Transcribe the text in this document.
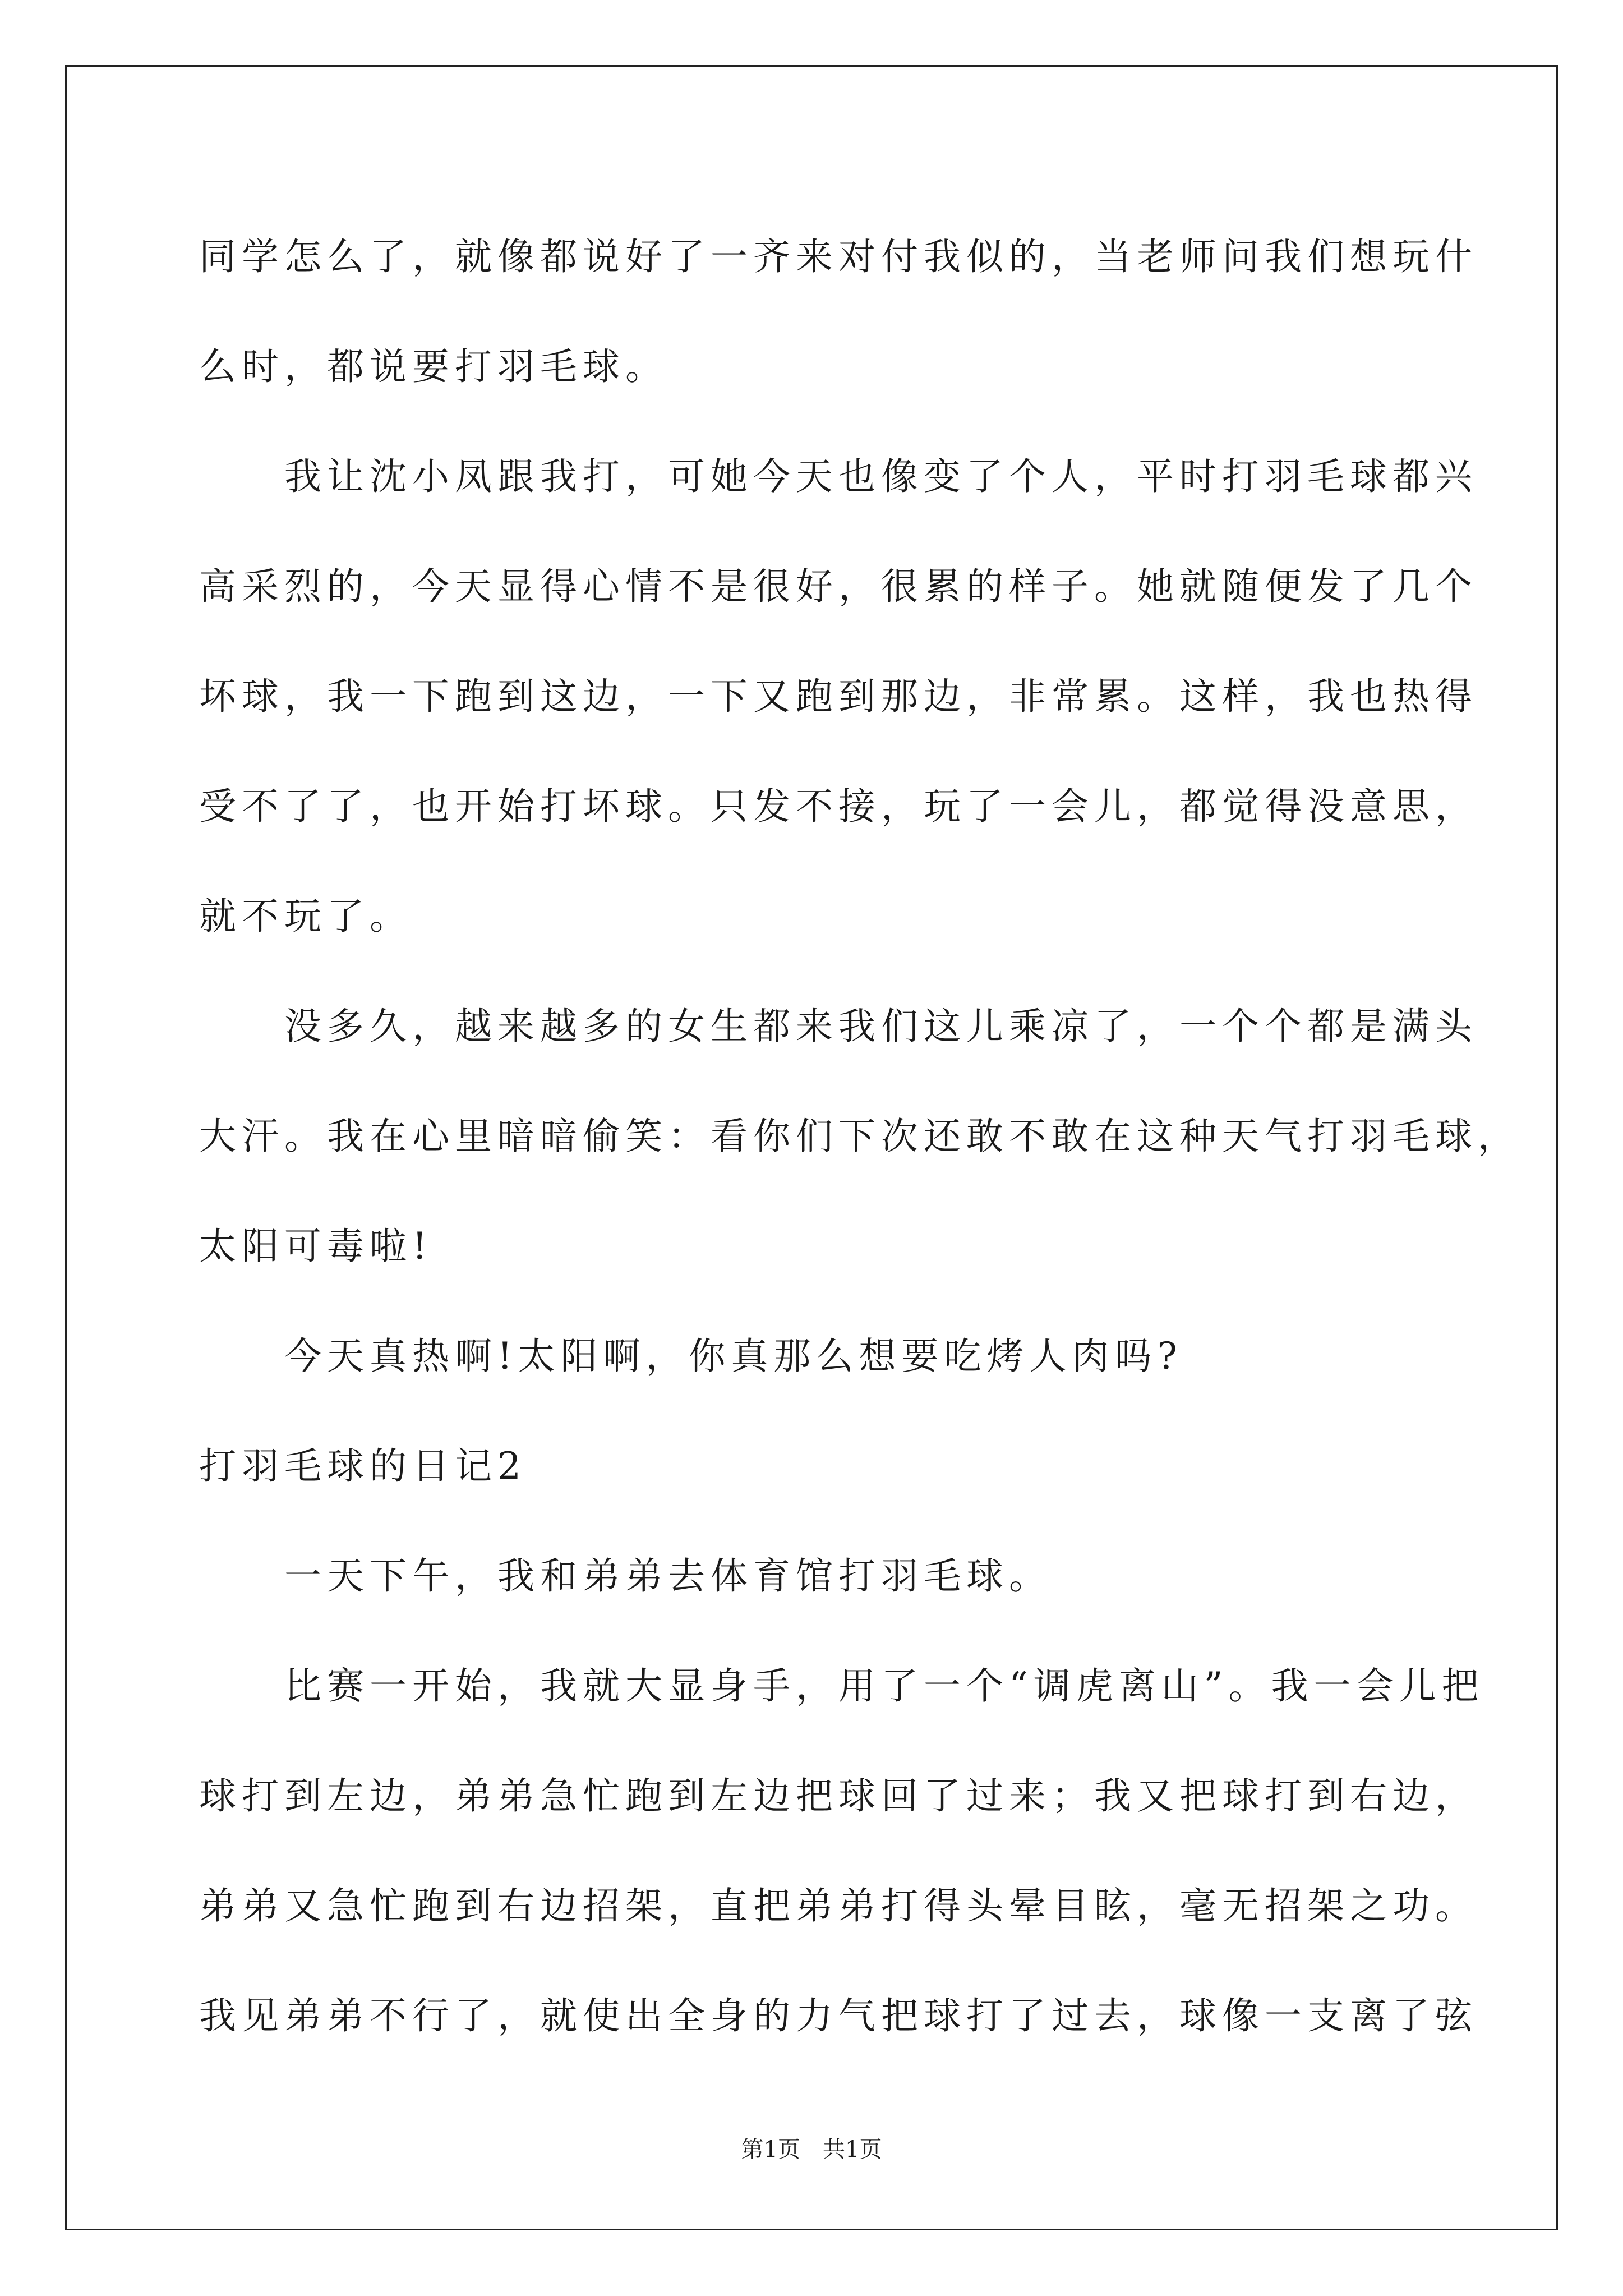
同学怎么了，就像都说好了一齐来对付我似的，当老师问我们想玩什
么时，都说要打羽毛球。
我让沈小凤跟我打，可她今天也像变了个人，平时打羽毛球都兴
高采烈的，今天显得心情不是很好，很累的样子。她就随便发了几个
坏球，我一下跑到这边，一下又跑到那边，非常累。这样，我也热得
受不了了，也开始打坏球。只发不接，玩了一会儿，都觉得没意思，
就不玩了。
没多久，越来越多的女生都来我们这儿乘凉了，一个个都是满头
大汗。我在心里暗暗偷笑：看你们下次还敢不敢在这种天气打羽毛球，
太阳可毒啦!
今天真热啊!太阳啊，你真那么想要吃烤人肉吗?
打羽毛球的日记2
一天下午，我和弟弟去体育馆打羽毛球。
比赛一开始，我就大显身手，用了一个“调虎离山”。我一会儿把
球打到左边，弟弟急忙跑到左边把球回了过来；我又把球打到右边，
弟弟又急忙跑到右边招架，直把弟弟打得头晕目眩，毫无招架之功。
我见弟弟不行了，就使出全身的力气把球打了过去，球像一支离了弦
第1页 共1页
